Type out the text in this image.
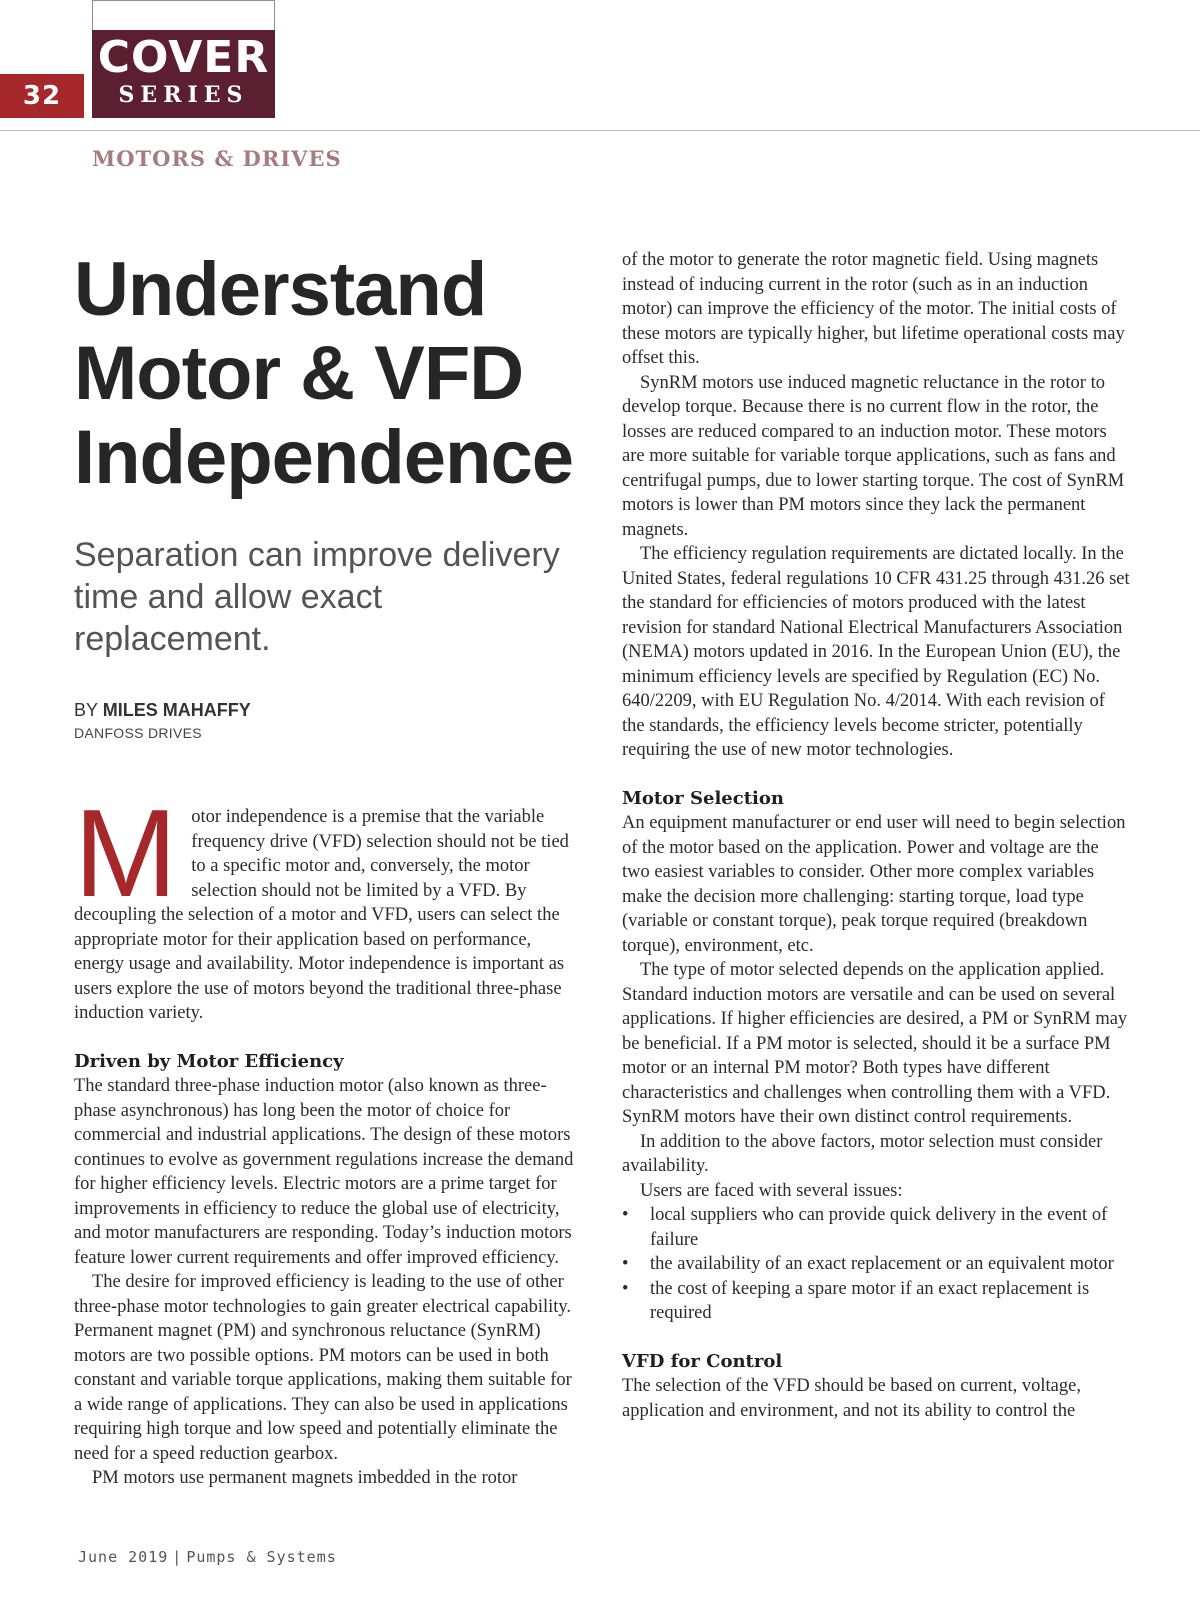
32
COVER
SERIES
MOTORS & DRIVES
Understand
Motor & VFD
Independence
Separation can improve delivery
time and allow exact replacement.
BY MILES MAHAFFY
DANFOSS DRIVES

Motor independence is a premise that the variable frequency drive (VFD) selection should not be tied to a specific motor and, conversely, the motor selection should not be limited by a VFD. By decoupling the selection of a motor and VFD, users can select the appropriate motor for their application based on performance, energy usage and availability. Motor independence is important as users explore the use of motors beyond the traditional three-phase induction variety.

Driven by Motor Efficiency

The standard three-phase induction motor (also known as three-phase asynchronous) has long been the motor of choice for commercial and industrial applications. The design of these motors continues to evolve as government regulations increase the demand for higher efficiency levels. Electric motors are a prime target for improvements in efficiency to reduce the global use of electricity, and motor manufacturers are responding. Today’s induction motors feature lower current requirements and offer improved efficiency.

The desire for improved efficiency is leading to the use of other three-phase motor technologies to gain greater electrical capability. Permanent magnet (PM) and synchronous reluctance (SynRM) motors are two possible options. PM motors can be used in both constant and variable torque applications, making them suitable for a wide range of applications. They can also be used in applications requiring high torque and low speed and potentially eliminate the need for a speed reduction gearbox.

PM motors use permanent magnets imbedded in the rotor

of the motor to generate the rotor magnetic field. Using magnets instead of inducing current in the rotor (such as in an induction motor) can improve the efficiency of the motor. The initial costs of these motors are typically higher, but lifetime operational costs may offset this.

SynRM motors use induced magnetic reluctance in the rotor to develop torque. Because there is no current flow in the rotor, the losses are reduced compared to an induction motor. These motors are more suitable for variable torque applications, such as fans and centrifugal pumps, due to lower starting torque. The cost of SynRM motors is lower than PM motors since they lack the permanent magnets.

The efficiency regulation requirements are dictated locally. In the United States, federal regulations 10 CFR 431.25 through 431.26 set the standard for efficiencies of motors produced with the latest revision for standard National Electrical Manufacturers Association (NEMA) motors updated in 2016. In the European Union (EU), the minimum efficiency levels are specified by Regulation (EC) No. 640/2209, with EU Regulation No. 4/2014. With each revision of the standards, the efficiency levels become stricter, potentially requiring the use of new motor technologies.

Motor Selection

An equipment manufacturer or end user will need to begin selection of the motor based on the application. Power and voltage are the two easiest variables to consider. Other more complex variables make the decision more challenging: starting torque, load type (variable or constant torque), peak torque required (breakdown torque), environment, etc.

The type of motor selected depends on the application applied. Standard induction motors are versatile and can be used on several applications. If higher efficiencies are desired, a PM or SynRM may be beneficial. If a PM motor is selected, should it be a surface PM motor or an internal PM motor? Both types have different characteristics and challenges when controlling them with a VFD. SynRM motors have their own distinct control requirements.

In addition to the above factors, motor selection must consider availability.

Users are faced with several issues:

• local suppliers who can provide quick delivery in the event of failure
• the availability of an exact replacement or an equivalent motor
• the cost of keeping a spare motor if an exact replacement is required
VFD for Control

The selection of the VFD should be based on current, voltage, application and environment, and not its ability to control the

June 2019 | Pumps & Systems
